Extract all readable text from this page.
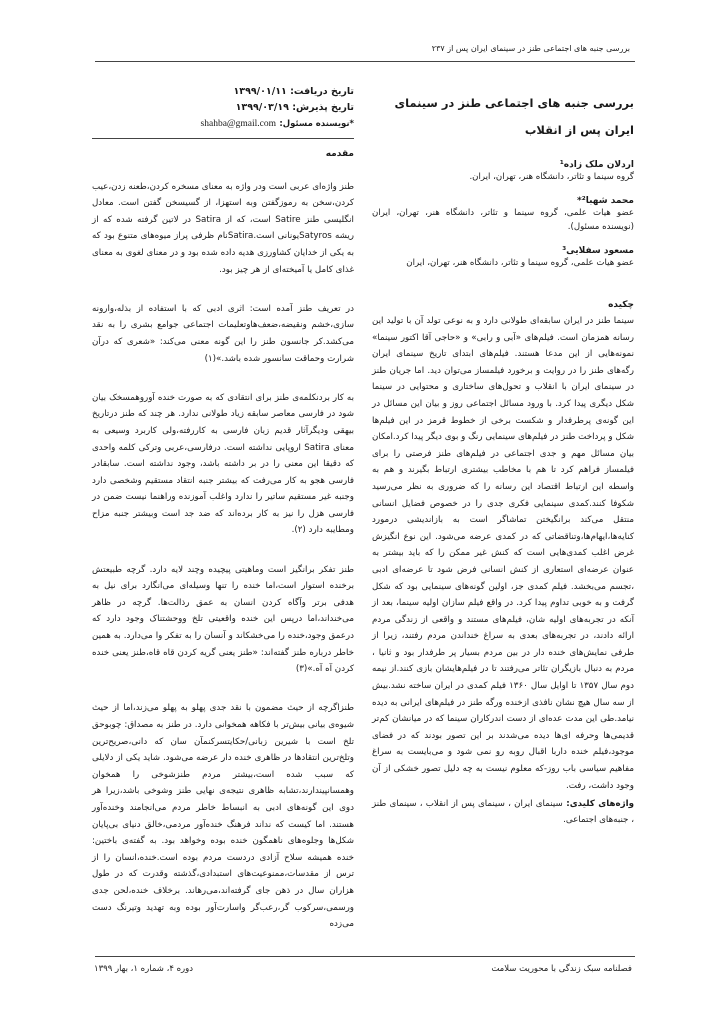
بررسی جنبه های اجتماعی طنز در سینمای ایران پس از ۲۳۷
بررسی جنبه های اجتماعی طنز در سینمای ایران پس از انقلاب
اردلان ملک زاده¹
گروه سینما و تئاتر، دانشگاه هنر، تهران، ایران.
محمد شهبا²*
عضو هیات علمی، گروه سینما و تئاتر، دانشگاه هنر، تهران، ایران (نویسنده مسئول).
مسعود سفلایی³
عضو هیات علمی، گروه سینما و تئاتر، دانشگاه هنر، تهران، ایران
چکیده
سینما طنز در ایران سابقه‌ای طولانی دارد و به نوعی تولد آن با تولید این رسانه همزمان است. فیلم‌های «آبی و رابی» و «حاجی آقا اکتور سینما» نمونه‌هایی از این مدعا هستند. فیلم‌های ابتدای تاریخ سینمای ایران رگه‌های طنز را در روایت و برخورد فیلمساز می‌توان دید. اما جریان طنز در سینمای ایران با انقلاب و تحول‌های ساختاری و محتوایی در سینما شکل دیگری پیدا کرد. با ورود مسائل اجتماعی روز و بیان این مسائل در این گونه‌ی پرطرفدار و شکست برخی از خطوط قرمز در این فیلم‌ها شکل و پرداخت طنز در فیلم‌های سینمایی رنگ و بوی دیگر پیدا کرد.امکان بیان مسائل مهم و جدی اجتماعی در فیلم‌های طنز فرصتی را برای فیلمساز فراهم کرد تا هم با مخاطب بیشتری ارتباط بگیرند و هم به واسطه این ارتباط اقتصاد این رسانه را که ضروری به نظر می‌رسید شکوفا کنند.کمدی سینمایی فکری جدی را در خصوص فضایل انسانی منتقل می‌کند برانگیختن تماشاگر است به بازاندیشی درمورد کنایه‌ها،ایهام‌ها،وتناقضاتی که در کمدی عرضه می‌شود. این نوع انگیزش غرض اغلب کمدی‌ها‌یی است که کنش غیر ممکن را که باید بیشتر به عنوان عرضه‌ای استعاری از کنش انسانی فرض شود تا عرضه‌ای ادبی ،تجسم می‌بخشد. فیلم کمدی جز، اولین گونه‌های سینمایی بود که شکل گرفت و به خوبی تداوم پیدا کرد. در واقع فیلم سازان اولیه سینما، بعد از آنکه در تجربه‌های اولیه شان، فیلم‌های مستند و واقعی از زندگی مردم ارائه دادند، در تجربه‌های بعدی به سراغ خنداندن مردم رفتند، زیرا از طرفی نمایش‌های خنده دار در بین مردم بسیار پر طرفدار بود و ثانیا ، مردم به دنبال بازیگران تئاتر می‌رفتند تا در فیلم‌هایشان بازی کنند.از نیمه دوم سال ۱۳۵۷ تا اوایل سال ۱۳۶۰ فیلم کمدی در ایران ساخته نشد.بیش از سه سال هیچ نشان نافذی ازخنده ورگه طنز در فیلم‌های ایرانی به دیده نیامد.طی این مدت عده‌ای از دست اندرکاران سینما که در میانشان کم‌تر قدیمی‌ها وحرفه ای‌ها دیده می‌شدند بر این تصور بودند که در فضای موجود،فیلم خنده داربا اقبال روبه رو نمی شود و می‌بایست به سراغ مفاهیم سیاسی باب روز-که معلوم نیست به چه دلیل تصور خشکی از آن وجود داشت، رفت.
واژه‌های کلیدی: سینمای ایران ، سینمای پس از انقلاب ، سینمای طنز ، جنبه‌های اجتماعی.
تاریخ دریافت: ۱۳۹۹/۰۱/۱۱
تاریخ پذیرش: ۱۳۹۹/۰۳/۱۹
*نویسنده مسئول: shahba@gmail.com
مقدمه

طنز واژه‌ای عربی است ودر واژه به معنای مسخره کردن،طعنه زدن،عیب کردن،سخن به رموزگفتن وبه استهزا، از گسیسخن گفتن است. معادل انگلیسی طنز Satire است، که از Satira در لاتین گرفته شده که از ریشه Satyrosیونانی است.Satiraنام ظرفی پراز میوه‌های متنوع بود که به یکی از خدایان کشاورزی هدیه داده شده بود و در معنای لغوی به معنای غذای کامل یا آمیخته‌ای از هر چیز بود.

در تعریف طنز آمده است: اثری ادبی که با استفاده از بذله،وارونه سازی،خشم ونقیضه،ضعف‌هاوتعلیمات اجتماعی جوامع بشری را به نقد می‌کشد.کر جانسون طنز را این گونه معنی می‌کند: «شعری که درآن شرارت وحماقت سانسور شده باشد.»(۱)

به کار بردنکلمه‌ی طنز برای انتقادی که به صورت خنده آوروهمسخک بیان شود در فارسی معاصر سابقه زیاد طولانی ندارد. هر چند که طنز درتاریخ بیهقی ودیگرآثار قدیم زبان فارسی به کاررفته،ولی کاربرد وسیعی به معنای Satira اروپایی نداشته است. درفارسی،عربی وترکی کلمه واحدی که دقیقا این معنی را در بر داشته باشد، وجود نداشته است. سابقادر فارسی هجو به کار می‌رفت که بیشتر جنبه انتقاد مستقیم وشخصی دارد وجنبه غیر مستقیم ساتیر را ندارد واغلب آموزنده وراهنما نیست ضمن در فارسی هزل را نیز به کار برده‌اند که ضد جد است وبیشتر جنبه مزاح ومطایبه دارد (۲).

طنز تفکر برانگیز است وماهیتی پیچیده وچند لایه دارد. گرچه طبیعتش برخنده استوار است،اما خنده را تنها وسیله‌ای می‌انگارد برای نیل به هدفی برتر وآگاه کردن انسان به عمق رذالت‌ها. گرچه در ظاهر می‌خنداند،اما درپس این خنده واقعیتی تلخ ووحشتناک وجود دارد که درعمق وجود،خنده را می‌خشکاند و آنسان را به تفکر وا می‌دارد. به همین خاطر درباره طنز گفته‌اند: «طنز یعنی گریه کردن قاه قاه،طنز یعنی خنده کردن آه آه.»(۳)

طنزاگرچه از حیث مضمون با نقد جدی پهلو به پهلو می‌زند،اما از حیث شیوه‌ی بیانی بیش‌تر با فکاهه همخوانی دارد. در طنز به مصداق: چوبوحق تلخ است با شیرین زبانی/حکایتسرکنمآن سان که دانی،صریح‌ترین وتلخ‌ترین انتقادها در ظاهری خنده دار عرضه می‌شود. شاید یکی از دلایلی که سبب شده است،بیشتر مردم طنزشوخی را همخوان وهمسانپیندارند،تشابه ظاهری نتیجه‌ی نهایی طنز وشوخی باشد،زیرا هر دوی این گونه‌های ادبی به انبساط خاطر مردم می‌انجامند وخنده‌آور هستند. اما کیست که نداند فرهنگ خنده‌آور مردمی،خالق دنیای بی‌پایان شکل‌ها وجلوه‌های ناهمگون خنده بوده وخواهد بود. به گفته‌ی باختین: خنده همیشه سلاح آزادی دردست مردم بوده است.خنده،انسان را از ترس از مقدسات،ممنوعیت‌های استبدادی،گذشته وقدرت که در طول هزاران سال در ذهن جای گرفته‌اند،می‌رهاند. برخلاف خنده،لحن جدی ورسمی،سرکوب گر،رعب‌گر واسارت‌آور بوده وبه تهدید وتیرنگ دست می‌زده

فصلنامه سبک زندگی با محوریت سلامت
دوره ۴، شماره ۱، بهار ۱۳۹۹
